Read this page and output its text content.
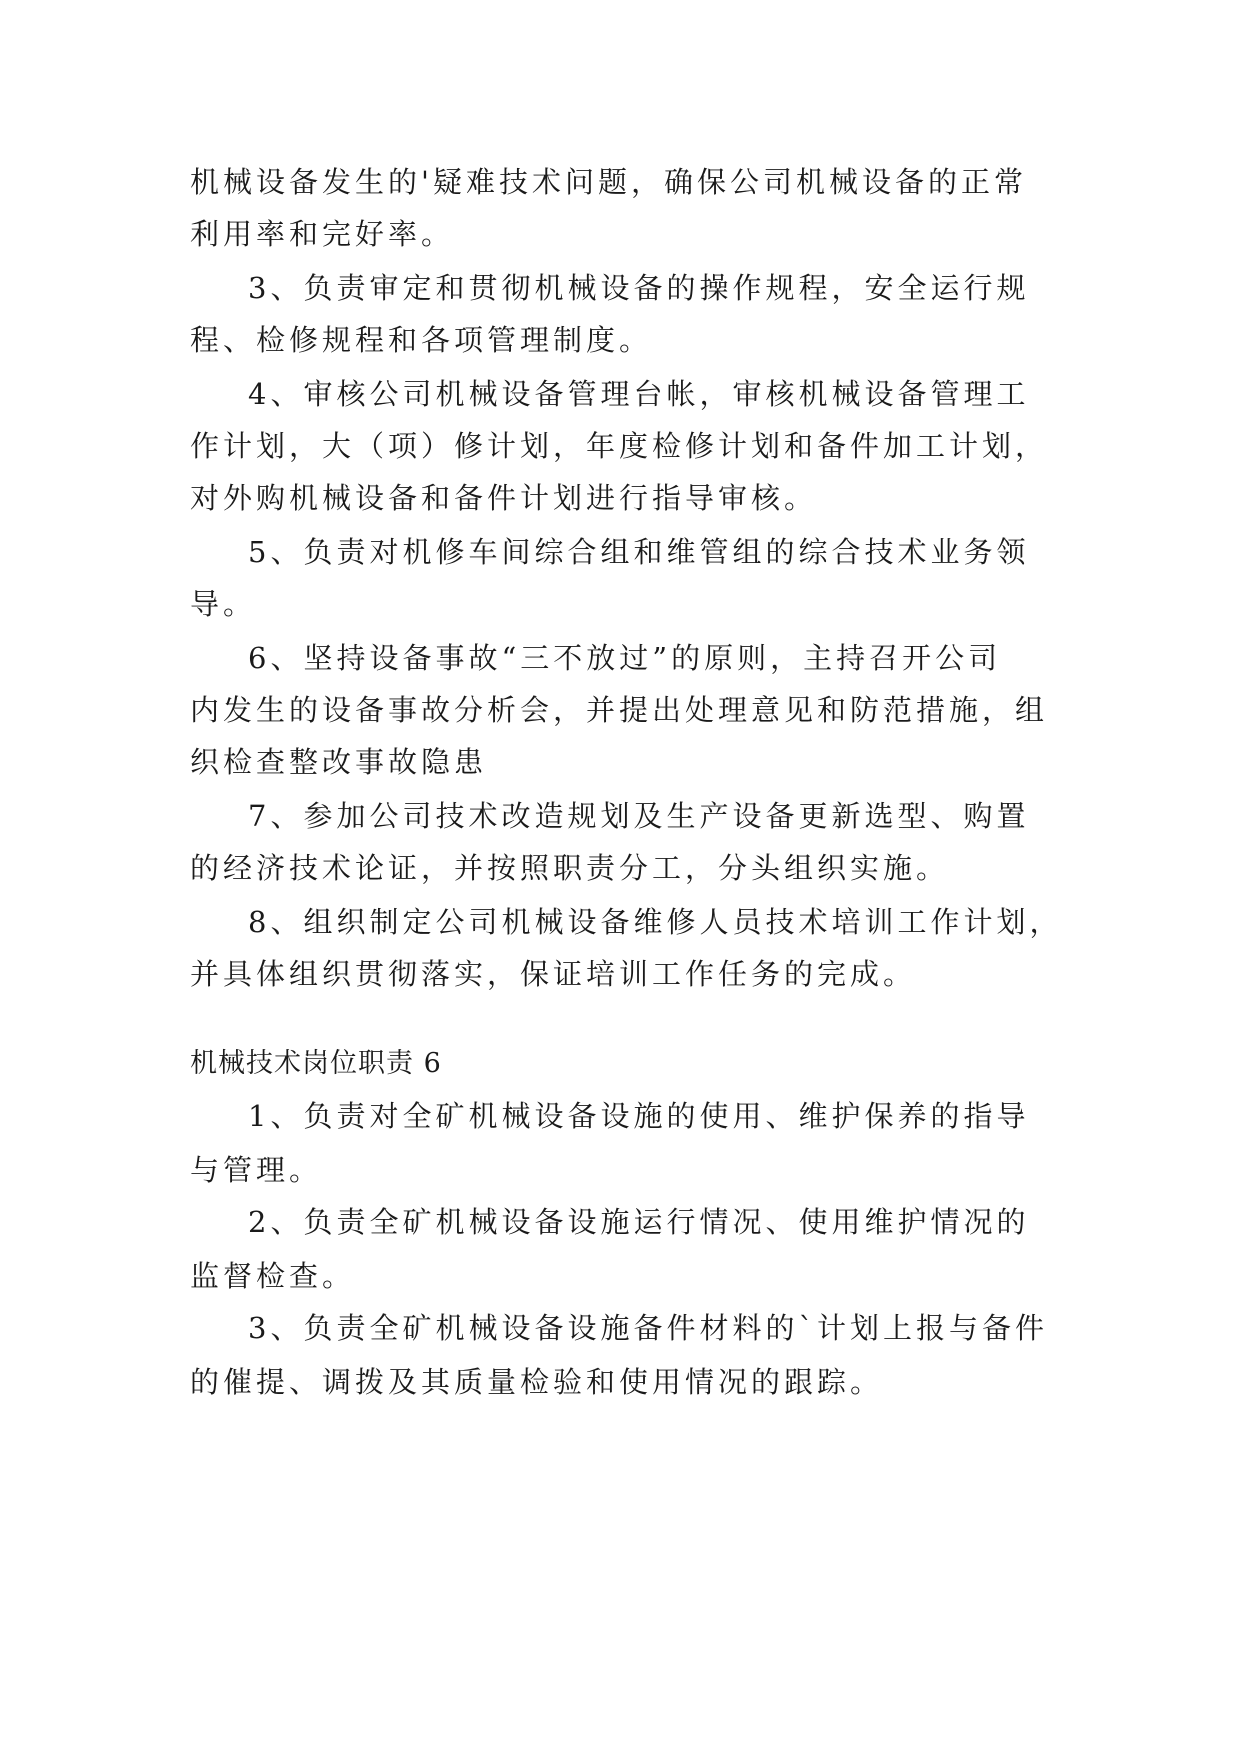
机械设备发生的'疑难技术问题，确保公司机械设备的正常
利用率和完好率。
3、负责审定和贯彻机械设备的操作规程，安全运行规
程、检修规程和各项管理制度。
4、审核公司机械设备管理台帐，审核机械设备管理工
作计划，大（项）修计划，年度检修计划和备件加工计划，
对外购机械设备和备件计划进行指导审核。
5、负责对机修车间综合组和维管组的综合技术业务领
导。
6、坚持设备事故“三不放过”的原则，主持召开公司
内发生的设备事故分析会，并提出处理意见和防范措施，组
织检查整改事故隐患
7、参加公司技术改造规划及生产设备更新选型、购置
的经济技术论证，并按照职责分工，分头组织实施。
8、组织制定公司机械设备维修人员技术培训工作计划，
并具体组织贯彻落实，保证培训工作任务的完成。
机械技术岗位职责 6
1、负责对全矿机械设备设施的使用、维护保养的指导
与管理。
2、负责全矿机械设备设施运行情况、使用维护情况的
监督检查。
3、负责全矿机械设备设施备件材料的`计划上报与备件
的催提、调拨及其质量检验和使用情况的跟踪。
